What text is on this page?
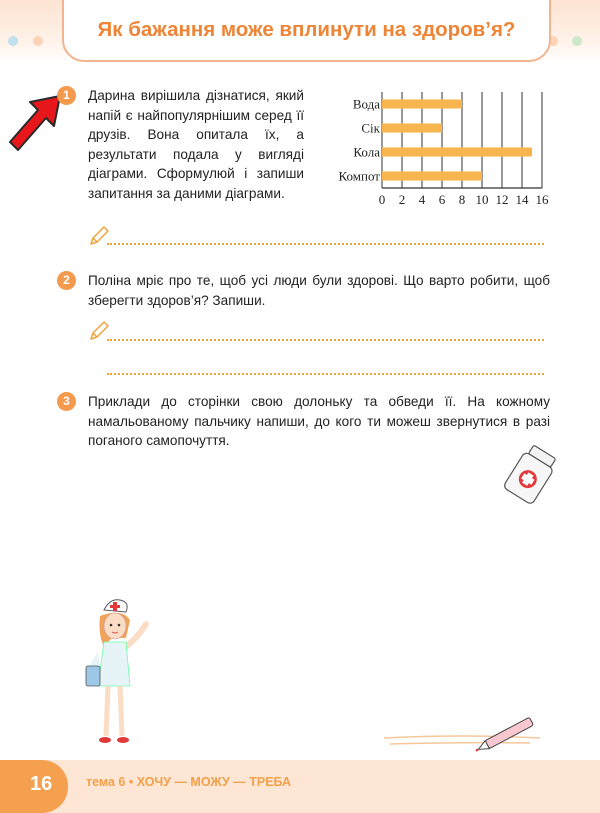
Як бажання може вплинути на здоров’я?
1	Дарина вирішила дізнатися, який напій є найпопулярнішим серед її друзів. Вона опитала їх, а результати подала у вигляді діаграми. Сформулюй і запиши запитання за даними діаграми.	0 2 4 6 8 10 12 14 16
Вода
Сік
Кола
Компот
2	Поліна мріє про те, щоб усі люди були здорові. Що варто робити, щоб зберегти здоров’я? Запиши.
3	Приклади до сторінки свою долоньку та обведи її. На кожному намальованому пальчику напиши, до кого ти можеш звернутися в разі поганого самопочуття.
16	тема 6 • ХОЧУ — МОЖУ — ТРЕБА
